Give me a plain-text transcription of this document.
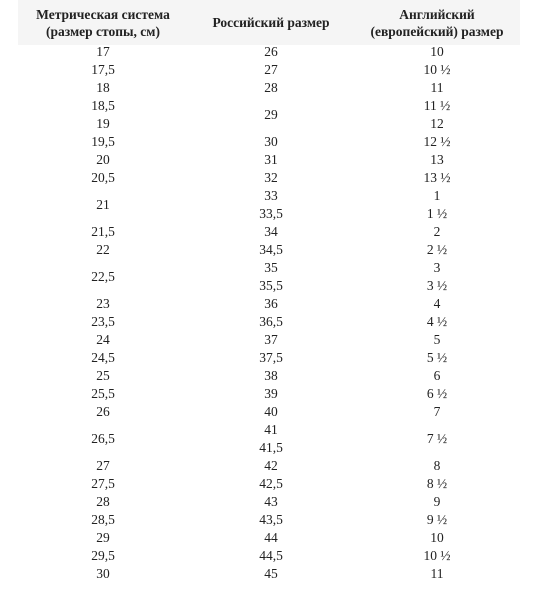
Метрическая система
(размер стопы, см)
Российский размер
Английский
(европейский) размер
17
17,5
18
18,5
19
19,5
20
20,5
21
21,5
22
22,5
23
23,5
24
24,5
25
25,5
26
26,5
27
27,5
28
28,5
29
29,5
30
26
27
28
29
30
31
32
33
33,5
34
34,5
35
35,5
36
36,5
37
37,5
38
39
40
41
41,5
42
42,5
43
43,5
44
44,5
45
10
10 ½
11
11 ½
12
12 ½
13
13 ½
1
1 ½
2
2 ½
3
3 ½
4
4 ½
5
5 ½
6
6 ½
7
7 ½
8
8 ½
9
9 ½
10
10 ½
11
